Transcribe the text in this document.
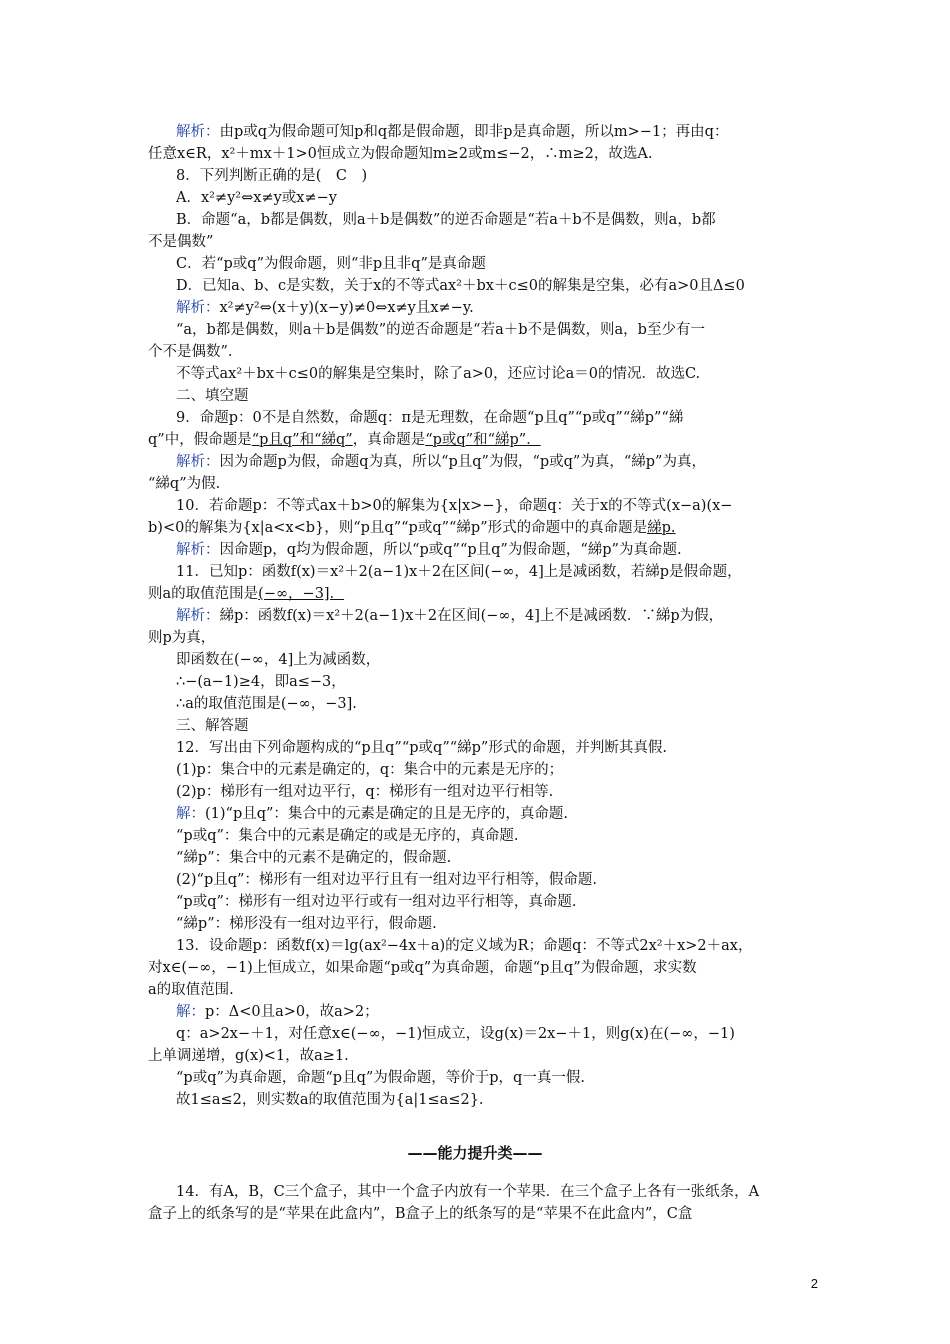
解析：由p或q为假命题可知p和q都是假命题，即非p是真命题，所以m>−1；再由q：
任意x∈R，x²＋mx＋1>0恒成立为假命题知m≥2或m≤−2，∴m≥2，故选A.
8．下列判断正确的是(　C　)
A．x²≠y²⇔x≠y或x≠−y
B．命题“a，b都是偶数，则a＋b是偶数”的逆否命题是“若a＋b不是偶数，则a，b都
不是偶数”
C．若“p或q”为假命题，则“非p且非q”是真命题
D．已知a、b、c是实数，关于x的不等式ax²＋bx＋c≤0的解集是空集，必有a>0且Δ≤0
解析：x²≠y²⇔(x＋y)(x−y)≠0⇔x≠y且x≠−y.
“a，b都是偶数，则a＋b是偶数”的逆否命题是“若a＋b不是偶数，则a，b至少有一
个不是偶数”.
不等式ax²＋bx＋c≤0的解集是空集时，除了a>0，还应讨论a＝0的情况．故选C.
二、填空题
9．命题p：0不是自然数，命题q：π是无理数，在命题“p且q”“p或q”“綈p”“綈
q”中，假命题是“p且q”和“綈q”，真命题是“p或q”和“綈p”．
解析：因为命题p为假，命题q为真，所以“p且q”为假，“p或q”为真，“綈p”为真，
“綈q”为假.
10．若命题p：不等式ax＋b>0的解集为{x|x>−}，命题q：关于x的不等式(x−a)(x−
b)<0的解集为{x|a<x<b}，则“p且q”“p或q”“綈p”形式的命题中的真命题是綈p.
解析：因命题p，q均为假命题，所以“p或q”“p且q”为假命题，“綈p”为真命题.
11．已知p：函数f(x)＝x²＋2(a−1)x＋2在区间(−∞，4]上是减函数，若綈p是假命题，
则a的取值范围是(−∞，−3]．
解析：綈p：函数f(x)＝x²＋2(a−1)x＋2在区间(−∞，4]上不是减函数．∵綈p为假，
则p为真，
即函数在(−∞，4]上为减函数，
∴−(a−1)≥4，即a≤−3，
∴a的取值范围是(−∞，−3].
三、解答题
12．写出由下列命题构成的“p且q”“p或q”“綈p”形式的命题，并判断其真假.
(1)p：集合中的元素是确定的，q：集合中的元素是无序的；
(2)p：梯形有一组对边平行，q：梯形有一组对边平行相等.
解：(1)“p且q”：集合中的元素是确定的且是无序的，真命题.
“p或q”：集合中的元素是确定的或是无序的，真命题.
“綈p”：集合中的元素不是确定的，假命题.
(2)“p且q”：梯形有一组对边平行且有一组对边平行相等，假命题.
“p或q”：梯形有一组对边平行或有一组对边平行相等，真命题.
“綈p”：梯形没有一组对边平行，假命题.
13．设命题p：函数f(x)＝lg(ax²−4x＋a)的定义域为R；命题q：不等式2x²＋x>2＋ax，
对x∈(−∞，−1)上恒成立，如果命题“p或q”为真命题，命题“p且q”为假命题，求实数
a的取值范围.
解：p：Δ<0且a>0，故a>2；
q：a>2x−＋1，对任意x∈(−∞，−1)恒成立，设g(x)＝2x−＋1，则g(x)在(−∞，−1)
上单调递增，g(x)<1，故a≥1.
“p或q”为真命题，命题“p且q”为假命题，等价于p，q一真一假.
故1≤a≤2，则实数a的取值范围为{a|1≤a≤2}.
——能力提升类——
14．有A，B，C三个盒子，其中一个盒子内放有一个苹果．在三个盒子上各有一张纸条，A
盒子上的纸条写的是“苹果在此盒内”，B盒子上的纸条写的是“苹果不在此盒内”，C盒
2
